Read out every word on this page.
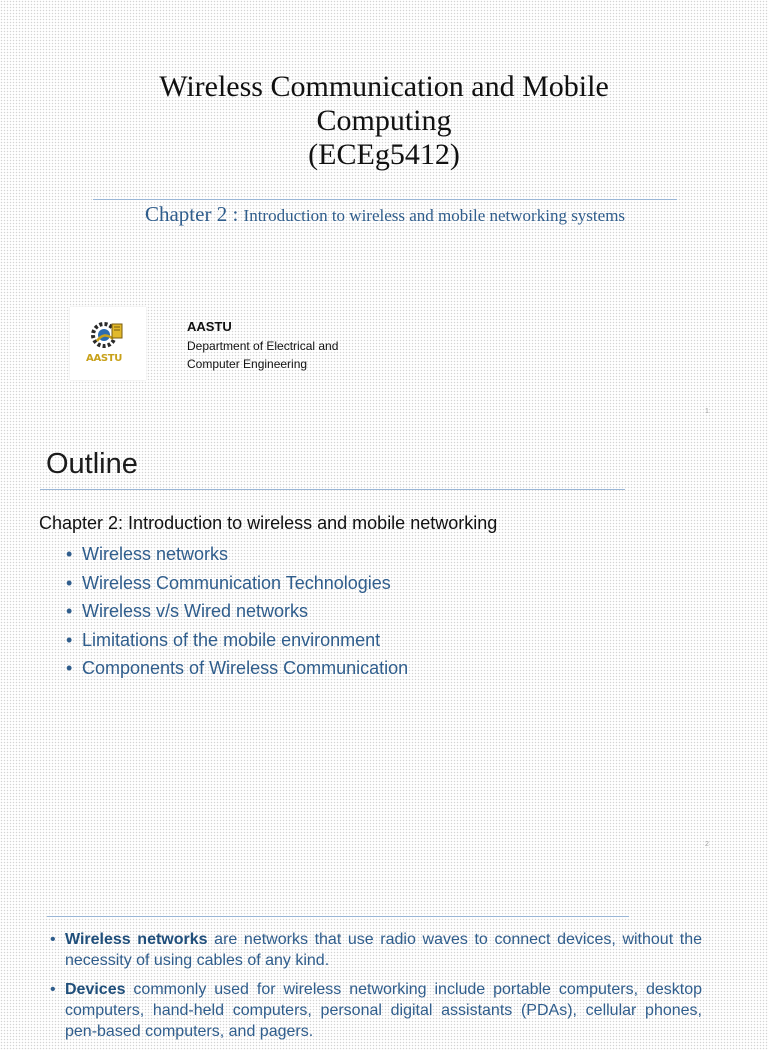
Wireless Communication and Mobile
Computing
(ECEg5412)
Chapter 2 : Introduction to wireless and mobile networking systems
AASTU
AASTU
Department of Electrical and Computer Engineering
1
Outline
Chapter 2: Introduction to wireless and mobile networking
• Wireless networks
• Wireless Communication Technologies
• Wireless v/s Wired networks
• Limitations of the mobile environment
• Components of Wireless Communication
2
• Wireless networks are networks that use radio waves to connect devices, without the necessity of using cables of any kind.
• Devices commonly used for wireless networking include portable computers, desktop computers, hand-held computers, personal digital assistants (PDAs), cellular phones, pen-based computers, and pagers.
